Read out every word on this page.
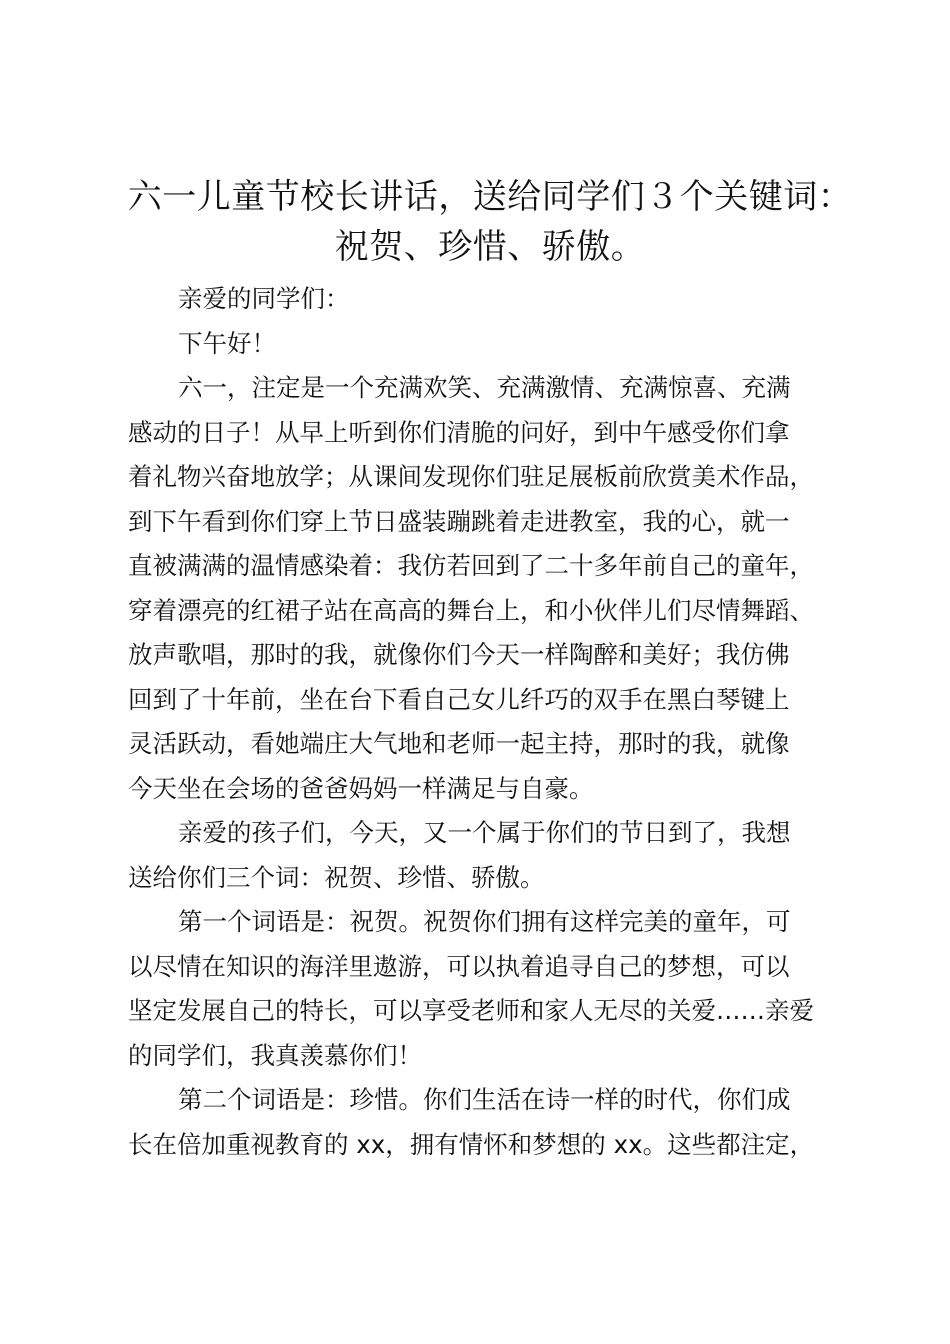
六一儿童节校长讲话，送给同学们３个关键词：
祝贺、珍惜、骄傲。

亲爱的同学们：

下午好！

六一，注定是一个充满欢笑、充满激情、充满惊喜、充满
感动的日子！从早上听到你们清脆的问好，到中午感受你们拿
着礼物兴奋地放学；从课间发现你们驻足展板前欣赏美术作品，
到下午看到你们穿上节日盛装蹦跳着走进教室，我的心，就一
直被满满的温情感染着：我仿若回到了二十多年前自己的童年，
穿着漂亮的红裙子站在高高的舞台上，和小伙伴儿们尽情舞蹈、
放声歌唱，那时的我，就像你们今天一样陶醉和美好；我仿佛
回到了十年前，坐在台下看自己女儿纤巧的双手在黑白琴键上
灵活跃动，看她端庄大气地和老师一起主持，那时的我，就像
今天坐在会场的爸爸妈妈一样满足与自豪。

亲爱的孩子们，今天，又一个属于你们的节日到了，我想
送给你们三个词：祝贺、珍惜、骄傲。

第一个词语是：祝贺。祝贺你们拥有这样完美的童年，可
以尽情在知识的海洋里遨游，可以执着追寻自己的梦想，可以
坚定发展自己的特长，可以享受老师和家人无尽的关爱……亲爱
的同学们，我真羡慕你们！

第二个词语是：珍惜。你们生活在诗一样的时代，你们成
长在倍加重视教育的 xx，拥有情怀和梦想的 xx。这些都注定，
